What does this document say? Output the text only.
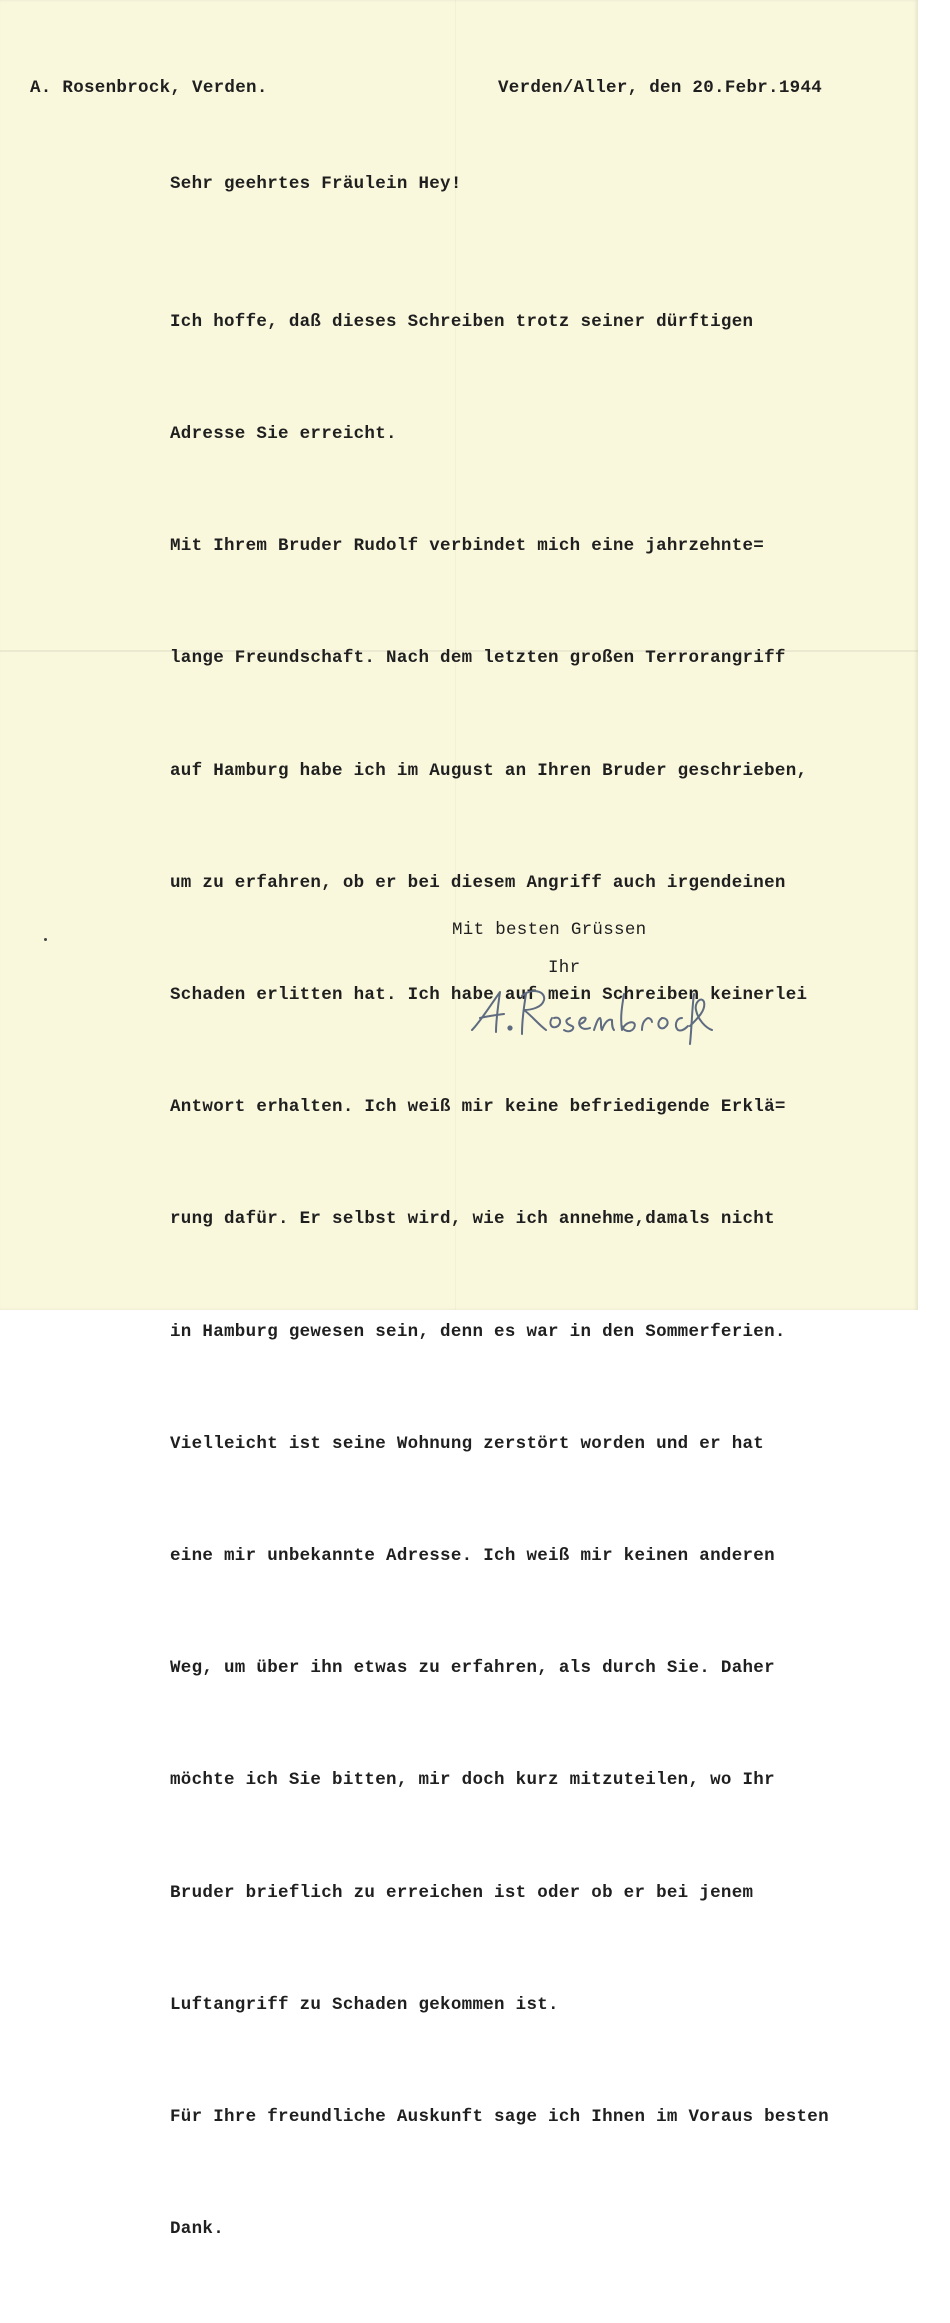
A. Rosenbrock, Verden.	Verden/Aller, den 20.Febr.1944
Sehr geehrtes Fräulein Hey!

Ich hoffe, daß dieses Schreiben trotz seiner dürftigen

Adresse Sie erreicht.

Mit Ihrem Bruder Rudolf verbindet mich eine jahrzehnte=

lange Freundschaft. Nach dem letzten großen Terrorangriff

auf Hamburg habe ich im August an Ihren Bruder geschrieben,

um zu erfahren, ob er bei diesem Angriff auch irgendeinen

Schaden erlitten hat. Ich habe auf mein Schreiben keinerlei

Antwort erhalten. Ich weiß mir keine befriedigende Erklä=

rung dafür. Er selbst wird, wie ich annehme,damals nicht

in Hamburg gewesen sein, denn es war in den Sommerferien.

Vielleicht ist seine Wohnung zerstört worden und er hat

eine mir unbekannte Adresse. Ich weiß mir keinen anderen

Weg, um über ihn etwas zu erfahren, als durch Sie. Daher

möchte ich Sie bitten, mir doch kurz mitzuteilen, wo Ihr

Bruder brieflich zu erreichen ist oder ob er bei jenem

Luftangriff zu Schaden gekommen ist.

Für Ihre freundliche Auskunft sage ich Ihnen im Voraus besten

Dank.

Mit besten Grüssen
Ihr
